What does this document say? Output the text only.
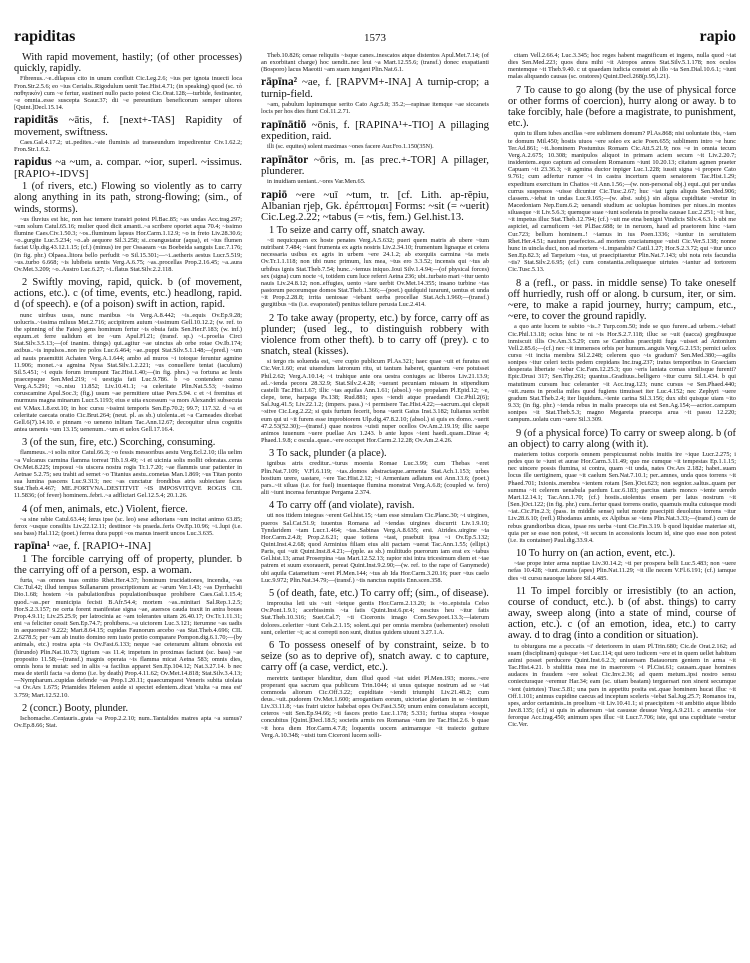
rapiditas	1573	rapio

With rapid movement, hastily; (of other processes) quickly, rapidly.

Fibrenus..~e..dilapsus cito in unum confluit Cic.Leg.2.6; ~ius per ignota inuecti loca Fron.Str.2.5.6; eo ~ius Cerialis..Rigodulum uenit Tac.Hist.4.71; (in speaking) quod (sc. τὸ παθητικόν) cum ~e fertur, sustineri nullo pacto potest Cic.Orat.128;—turbide, festinanter, ~e omnia..esse suscepta Scaur.37; dii ~e pereuntium beneficorum semper ultores [Quint.]Decl.15.14.

rapiditās ~ātis, f. [next+-TAS] Rapidity of movement, swiftness.

Caes.Gal.4.17.2; ut..pedites..~ate fluminis ad transeundum impedirentur Civ.1.62.2; Fron.Str.1.6.2.

rapidus ~a ~um, a. compar. ~ior, superl. ~issimus. [RAPIO+-IDVS]

1 (of rivers, etc.) Flowing so violently as to carry along anything in its path, strong-flowing; (sim., of winds, storms).

~us fluvius est hic, non hac temere transiri potest Pl.Bac.85; ~as undas Acc.trag.297; ~um solum Catul.65.16; mulier quod dicit amanti..~a scribere oportet aqua 70.4; ~issimo flumine Caes.Civ.1.50.3; ~os..fluminum lapsus Hor.Carm.1.12.9; ~o in freto Liv.28.30.6; ~o..gurgite Luc.5.234; ~o..ab aequore Sil.3.258; si..coangustatur (aqua), et ~ius flumen faciat Ulp.dig.43.12.1.15; (cf.) (minus) ire per Ossaeam ~us Boebeida sanguis Luc.7.176; (in fig. phr.) Olpaea..litora bello perfudit ~o Sil.15.301;—~i..aetheris aestus Lucr.5.519; ~us..turbo 6.668; ~is lubibeia uentis Verg.A.6.75; ~as..procellas Prop.2.16.45; ~a..aura Ov.Met.3.209; ~o..Austro Luc.6.27; ~i..flatus Stat.Silv.2.2.118.

2 Swiftly moving, rapid, quick. b (of movement, actions, etc.). c (of time, events, etc.) headlong, rapid. d (of speech). e (of a poison) swift in action, rapid.

nunc uiribus usus, nunc manibus ~is Verg.A.8.442; ~is..equis Ov.Ep.9.28; uolucris..~issima miluus Met.2.716; accipitrem auium ~issimum Gell.10.12.2; (w. ref. to the spinning of the Fates) gens hominum fertur ~is obuia fatis Sen.Her.F.183; (w. inf.) equum..et ferre ualidum et ire ~um Apul.Fl.21; (transf. sp.) ~i..proelia Circi Stat.Silv.3.5.13;—(of inanim. things) qui..agitur ~ae uinctus ab orbe rotae Ov.Ib.174; axibus..~is inpulsos..non ire polos Luc.6.464; ~ae..puppi Stat.Silv.5.1.148;—(pred.) ~um ad nauis praemittit Achaten Verg.A.1.644; ambo ad muros ~i totoque feruntur agmine 11.906; monet..~a agmina Nysa Stat.Silv.1.2.221; ~us conuellere tentat (iaculum) Sil.5.451; ~i equis forum irrumpunt Tac.Hist.1.40;—(in fig. phrs.) ~a fortuna ac leuis praecepsque Sen.Med.219; ~i uestigia fati Luc.9.786. b ~o contendere cursu Verg.A.5.291; ~o..nisu 11.852; Liv.10.41.1; ~a celeritate Plin.Nat.5.53; ~issimo coruscamine Apul.Soc.3; (fig.) usum ~ae permittere uitae Pers.5.94. c et ~i fremitus et murmura magna minarum Lucr.5.1193; eius e uita excessum ~a mors Alexandri subsecuta est V.Max.1.8.ext.10; in hoc cursu ~issimi temporis Sen.Ep.70.2; 99.7; 117.32. d ~a et celeritate caecata oratio Cic.Brut.264; (neut. pl. as sb.) uiolenta..et ~a Carneades dicebat Gell.6(7).14.10. e pinnam ~o ueneno inlitam Tac.Ann.12.67; decoquitur ulrus cognitis antea uenenis ~um 13.15; uenenum..~um et uelox Gell.17.16.4.

3 (of the sun, fire, etc.) Scorching, consuming.

flammeus..~i solis nitor Catul.66.3; ~o fessis messoribus aestu Verg.Ecl.2.10; illa uelim ~a Vulcanus carmina flamma torreat Tib.1.9.49; ~i et uicinia solis mollit odoratas..ceras Ov.Met.8.225; imposui ~is uiscera nostra rogis Tr.1.7.20; ~ae flammis urar patienter in Aetnae 5.2.75; seu trahit ad semet ~o Titanius aestu..cometas Man.1.869; ~us Titan ponto sua lumina pascens Luc.9.313; nec ~as cunctatur frondibus atris subiectare faces Stat.Theb.4.467; ME..FORTVNA..DESTITVIT ~IS IMPOSVITQVE ROGIS CIL 11.5836; (of fever) hominem..febri..~a adflictari Gel.12.5.4; 20.1.26.

4 (of men, animals, etc.) Violent, fierce.

~a sine rabie Catul.63.44; ferus ipse (sc. leo) sese adhortans ~um incitat animo 63.85; ferox ~usque consiliis Liv.22.12.11; destitnor ~is praeda..feris Ov.Ep.10.96; ~i..lupi (i.e. sea bass) Hal.112; (poet.) ferrea dura puppi ~os manus inserit uncos Luc.3.635.

rapīna¹ ~ae, f. [RAPIO+-INA]

1 The forcible carrying off of property, plunder. b the carrying off of a person, esp. a woman.

furta, ~as omnes tuas omitto Rhet.Her.4.37; hominum trucidationes, incendia, ~as Cic.Tul.42; illud tempus Sullanarum proscriptionum ac ~arum Ver.1.43; ~as Dyrrhachii Dio.1.68; hostem ~is pabulationibus populationibusque prohibere Caes.Gal.1.15.4; quod..~as..per municipia fecisti B.Afr.54.4; mortem ~as..minitari Sal.Rep.1.2.5; Hor.S.2.3.157; ne certa forent manifestae signa ~ae, auersos cauda traxit in antra boues Prop.4.9.11; Liv.25.25.9; per latrocinia ac ~am tolerantes uitam 26.40.17; Ov.Tr.1.11.31; eni ~a feliciter cessit Sen.Ep.74.7; prohibens..~a uictorem Luc.3.121; iterumne ~as uadis in aequoreus? 9.222; Mart.8.64.15; cupidas Faunorum arcebo ~as Stat.Theb.4.696; CIL 2.6278.5; per ~am ab inuito domino rem iusto pretio comparare Pompon.dig.6.1.70;—(by animals, etc.) rostra apta ~is Ov.Fast.6.133; neque ~ae ceterarum alitum obnoxia est (hirundo) Plin.Nat.10.73; tigrium ~as 11.4; impetum in proximas faciunt (sc. bass) ~ae proposito 11.58;—(transf.) magnis operata ~is flamma micat Aetna 583; omnis dies, omnis hora te mutat: sed in aliis ~a facilius apparet Sen.Ep.104.12; Nat.3.27.14. b nec mea de sterili facta ~a domo (i.e. by death) Prop.4.11.62; Ov.Met.14.818; Stat.Silv.3.4.13;—Nympharum..cupidas defende ~as Prop.1.20.11; quaecumquest Veneris subita uiolata ~a Ov.Ars 1.675; Priamides Helenen auide si spectet edentem..dicat 'stulta ~a mea est' 3.759; Mart.12.52.10.

2 (concr.) Booty, plunder.

Ischomache..Centauris..grata ~a Prop.2.2.10; num..Tantalides matres apta ~a sumus? Ov.Ep.8.66; Stat.

Theb.10.826; cenae reliquiis ~isque canes..inescatos atque distentos Apul.Met.7.14; (of an exorbitant charge) hoc uendit..nec leui ~a Mart.12.55.6; (transf.) donec exspatianti (Bosporo) lacus Maeotii ~am suam iungant Plin.Nat.6.1.

rāpīna² ~ae, f. [RAPVM+-INA] A turnip-crop; a turnip-field.

~am, pabulum lupinumque serito Cato Agr.5.8; 35.2;—rapinae itemque ~ae siccaneis locis per hos dies fiunt Col.11.2.71.

rapīnātiō ~ōnis, f. [RAPINA¹+-TIO] A pillaging expedition, raid.

illi (sc. equites) solent maximas ~ones facere Aur.Fro.1.150(35N).

rapīnātor ~ōris, m. [as prec.+-TOR] A pillager, plunderer.

in inuidiam ueniant..~ores Var.Men.65.

rapiō ~ere ~uī ~tum, tr. [cf. Lith. ap-rẽpiu, Albanian rjeþ, Gk. ἐρέπτομαι] Forms: ~sit (= ~uerit) Cic.Leg.2.22; ~tabus (= ~tis, fem.) Gel.hist.13.

1 To seize and carry off, snatch away.

~ti nequicquam ex hoste penates Verg.A.5.632; pueri quem matris ab ubere ~tum nutribant 7.484; ~iant frumenta ex agris nostris Liv.2.34.10; frumentum lignaque et cetera necessaria usibus ex agris in urbem ~ere 24.1.2; ab exequiis carmina ~ta meis Ov.Tr.1.1.118; non tibi nunc primum, lux mea, ~tus ero 3.3.52; incensis qui ~tus ab urbibus ignis Stat.Theb.7.54; hunc..~iemus iniquo..Ioui Silv.1.4.94;—(of physical forces) sex (signa) cum nocte ~i, totidem cum luce referri Aetna 236; ubi..turbato mari ~itur uento nauis Liv.24.8.12; non..effugies, uento ~iare uerbit Ov.Met.14.355; insano turbine ~tas pastorum pecorumque domos Stat.Theb.1.366;—(poet.) quidquid iurarunt, uentus et unda ~it Prop.2.28.8; irrita uentosae ~iebant uerba procellae Stat.Ach.1.960;—(transf.) gurgitibus ~tis (i.e. evaporated) penitus tellure perusta Luc.2.414.

2 To take away (property, etc.) by force, carry off as plunder; (used leg., to distinguish robbery with violence from other theft). b to carry off (prey). c to snatch, steal (kisses).

si tergo ris soluenda est, ~ere cupio publicum Pl.As.321; haec quae ~uit et furatus est Cic.Ver.1.60; erat uiuendum latronum ritu, ut tantum haberet, quantum ~ere potuisset Phil.2.62; Verg.A.10.14; ~i trahique ante ora uestra coniuges ac liberos Liv.21.13.9; ad..~ienda pecora 28.32.9; Stat.Silv.2.4.28; ~uerant pecuniam missam in stipendium castelli Tac.Hist.1.67; illic ~tas aquilas Ann.1.61; (absol.) ~io propalam Pl.Epid.12; ~e, clepe, tene, harpaga Ps.138; Rud.881; spes ~iendi atque praedandi Cic.Phil.2(6); Sal.Jug.41.5; Liv.22.1.2; (impers. pass.) ~i permisere Tac.Hist.4.22;—sacrum..qui clepsit ~sitve Cic.Leg.2.22; si quis furtum fecerit, bona ~uerit Gaius Inst.3.182; Iulianus scribit eum qui ui ~it furem esse improbiorem Ulp.dig.47.8.2.10; (absol.) si quis ex domo..~uerit 47.2.53(52.30);—(transf.) quae nostros ~uisti nuper ocellos Ov.Am.2.19.19; illic saepe animos iuuenum ~uere puellae Ars 1.243. b ante lupos ~ient haedi..quam..Dirae 4; Phaed.1.9.8; c oscula..quae..~ere occupet Hor.Carm.2.12.28; Ov.Am.2.4.26.

3 To sack, plunder (a place).

ignibus atris creditur..~turus moenia Romae Luc.3.99; cum Thebas ~eret Plin.Nat.7.109; V.Fl.6.119; ~tas..domos abstractaque..armenta Stat.Ach.1.153; urbes hostium urere, uastare, ~ere Tac.Hist.2.12; ~i Armeniam adlatum est Ann.13.6; (poet.) pars..~it siluas (i.e. for fuel) inuentaque flumina monstrat Verg.A.6.8; (coupled w. fero) alii ~iunt incensa feruntque Pergama 2.374.

4 To carry off (and violate), ravish.

uti nos itidem integras ~erent Gel.hist.15; ~tam esse simulam Cic.Planc.30; ~i uirgines, pueros Sal.Cat.51.9; iuuentus Romana ad ~iendas uirgines discurrit Liv.1.9.10; Tyndaridem ~tam Lucr.1.464; ~tas..Sabinas Verg.A.8.635; ersi. Atrides..uirgine ~ta Hor.Carm.2.4.8; Prop.2.6.21; quae totiens ~tast, praebuit ipsa ~i Ov.Ep.5.132; Quint.Inst.4.2.68; quod Arminius filiam eius alii pactam ~uerat Tac.Ann.1.55; (ellipt.) Paris, qui ~uit Quint.Inst.8.4.21;—(pple. as sb.) multitudo puerorum iam erat ex ~tabus Gel.hist.13; amat Proserpina ~tas Mart.12.52.13; raptor nisi intra tricesimum diem et ~tae patrem et suum exorauerit, pereat Quint.Inst.9.2.90;—(w. ref. to the rape of Ganymede) ubi aquila Catameitum ~eret Pl.Men.144; ~tus ab Ida Hor.Carm.3.20.16; puer ~tus caelo Luc.9.972; Plin.Nat.34.79;—(transf.) ~tis nanctus nuptiis Enn.scen.358.

5 (of death, fate, etc.) To carry off; (sim., of disease).

improuisa leti uis ~uit ~ietque gentis Hor.Carm.2.13.20; is ~to..epistula Celso Ov.Pont.1.9.1; acerbissimis ~ta fatis Quint.Inst.6.pr.4; nescius heu ~itur fatis Stat.Theb.10.316; Suet.Cal.7; ~ti Ciceronis imago Corn.Sev.poet.13.3;—laterum dolores..celeriter ~iunt Cels.2.1.15; solent..qui per omnia membra (uehementer) resoluti sunt, celeriter ~i; ac si correpti non sunt, diutius quidem uiuunt 3.27.1.A.

6 To possess oneself of by constraint, seize. b to seize (so as to deprive of), snatch away. c to capture, carry off (a case, verdict, etc.).

meretrix tantisper blanditur, dum illud quod ~iat uidet Pl.Men.193; mores..~ere properant qua sacrum qua publicum Trin.1044; si unus quisque nostrum ad se ~iat commoda aliorum Cic.Off.3.22; cupiditate ~iendi triumphi Liv.21.48.2; cum deus..~uit..pudorem Ov.Met.1.600; arrogantiam eorum, uictoriae gloriam in se ~ientium Liv.33.11.8; ~tas fratri uictor habebat opes Ov.Fast.3.50; unum enim consulatum accepit, ceteros ~uit Sen.Ep.94.66; ~ti fasces pretio Luc.1.178; 5.331; furtiua stupra ~tosque concubitus [Quint.]Decl.18.5; societis armis res Romanas ~tum ire Tac.Hist.2.6. b quae ~it hora diem Hor.Carm.4.7.8; loquentis uocem animamque ~it traiecto gutture Verg.A.10.348; ~uisti tum Ciceroni lucem solli-

citam Vell.2.66.4; Luc.3.345; hoc reges habent magnificum et ingens, nulla quod ~iat dies Sen.Med.223; quos dura mihi ~it Atropos annos Stat.Silv.5.1.178; nox oculos mentemque ~it Theb.9.40. c ut quaedam iudicia constet ab illo ~ta Sen.Dial.10.6.1; ~iunt malas aliquando causas (sc. oratores) Quint.Decl.268(p.95,l.21).

7 To cause to go along (by the use of physical force or other forms of coercion), hurry along or away. b to take forcibly, hale (before a magistrate, to punishment, etc.).

quin tu illum iubes ancillas ~ere sublimem domum? Pl.As.868; nisi uoluntate ibis, ~iam te domum Mil.450; hostis uiuos ~ere soleo ex acie Poen.655; sublimem intro ~e hunc Ter.Ad.861; ~it..hominem Postumius Romam Cic.Att.5.21.9; nos ~e in omnia tecum Verg.A.2.675; 10.308; manipulos aliquot in primam aciem secum ~it Liv.2.20.7; insidentem..equo captum ad consulem Romanum ~iunt 10.20.13; citatum agmen praeter Capuam ~it 23.36.3; ~it agmina ductor inpiger Luc.1.228; iussit signa ~i propere Cato 9.761; cum adfertur rumor ~i in castra incertum quem senatorem Tac.Hist.1.29; expeditum exercitum in Chattos ~it Ann.1.56;—(w. non-personal obj.) equi..qui per undas currus suspensos ~uisse dicuntur Cic.Tusc.2.67; huc ~iat ignis aliquis Sen.Med.906; classem..~iebat in undas Luc.9.165;—(w. abst. subj.) sin aliqua cupiditate ~eretur in Macedoniam Nep.Eum.6.2; uenandi studium ac uoluptas homines per niues..in montes siluasque ~it Liv.5.6.3; quemque suae ~iunt scelerata in proelia causae Luc.2.251; ~it huc, ~it impetus illuc Stat.Theb.12.794; (cf.) ~uit me etna benigni Vindicis Silv.4.6.3. b ubi me aspiciet, ad carnuficem ~iet Pl.Bac.688; te in neruom, haud ad praetorem hinc ~iam Cur.723; bellum hominem..! ~iamus in ius Poen.1336; ~iuntur in seruitutem Rhet.Her.4.51; nauium praefectos..ad mortem cruciatumque ~uisti Cic.Ver.5.138; nonne hunc in uincla duci, non ad mortem ~i..imparabis? Catil.1.27; Hor.S.2.3.72; qui ~itur uncο Sen.Ep.82.3; ad Tarpeium ~tus, ut praecipitaretur Plin.Nat.7.143; ubi nota reis facundia ~tis? Stat.Silv.2.6.95; (cf.) cum constantia..reliquaeque uirtutes ~iantur ad tortorem Cic.Tusc.5.13.

8 a (refl., or pass. in middle sense) To take oneself off hurriedly, rush off or along. b cursum, iter, or sim. ~ere, to make a rapid journey, hurry; campum, etc., ~ere, to cover the ground rapidly.

a quo ante lucem te subito ~is..? Turp.com.50; inde se quo furere..ad urbem..~iebat! Cic.Phil.13.18; ocius hinc te ni ~is Hor.S.2.7.118; illuc se ~uit (uacca) gregibusque inmiscuit illis Ov.Am.3.5.29; cum se Canidius praecipiti fuga ~uisset ad Antonium Vell.2.85.6;—(cf.) nec ~it immensos orbis per humum..anguis Verg.G.2.153; pernici uelox cursu ~it incita membra Sil.2.248; celerem quo ~is gradum? Sen.Med.380;—agilis sonipes ~itur celeri tectis pedem crepidans Inc.trag.237; iratus temporibus in Graeciam desperata libertate ~iebar Cic.Fam.12.25.3; quo ~eris laniata comas similisque furenti? Epic.Drusi 317; Sen.Thy.261; quantus..Gradiuus..belligero ~itur curru Sil.1.434. b qui matutinum cursum huc celeranter ~it Acc.trag.123; nunc cursus ~e Sen.Phaed.440; ~uit..ruens in proelia miles quod fugiens timuisset iter Luc.4.152; nec Zephyri ~uere gradum Stat.Theb.2.4; iter liquidum..~iente carina Sil.3.156; dux sibi quisque uiam ~ito 9.33; (in fig. phr.) ~ienda rebus in malis praeceps uia est Sen.Ag.154;—acrior..campum sonipes ~it Stat.Theb.5.3; magno Megareia praecepa arua ~it passu 12.220; campum..uolatu cum ~uere Sil.3.309.

9 (of a physical force) To carry or sweep along. b (of an object) to carry along (with it).

materiem totius corporis omnem perspicuumst nobis inuitis ire ~ique Lucr.2.275; i pedes quo te ~iunt et aurae Hor.Carm.3.11.49; quo me cumque ~it tempestas Ep.1.1.15; nec uincere possis flumina, si contra, quam ~it unda, nates Ov.Ars 2.182; habet..suam locus ille uertiginem, quae ~it caelum Sen.Nat.7.10.1; per..amnes, unda quos torrens ~it Phaed.701; Ixionis..membra ~ientem rotam [Sen.]Oct.623; non segnior..saltus..quam per summa ~it celerem uenabula pardum Luc.6.183; parcius utaris monco ~iente ueredo Mart.12.14.1; Tac.Ann.1.70; (cf.) hostis..uiolentus ensem per latus nostrum ~it [Sen.]Oct.122; (in fig. phr.) cum..fertur quasi torrens oratio, quamuis multa cuiusque modi ~iat..Cic.Fin.2.3; (pass. in middle sense) uelut monte praecipiti deuolutus torrens ~itur Liv.28.6.10; (refl.) Rhodanus amnis, ex Alpibus se ~iens Plin.Nat.3.33;—(transf.) cum de rebus grandioribus dicas, ipsae res uerba ~iunt Cic.Fin.3.19. b quod liquidae materiae sit, quia per se esse non potest, ~it secum in accessionis locum id, sine quo esse non potest (i.e. its container) Paul.dig.33.9.4.

10 To hurry on (an action, event, etc.).

~tae prope inter arma nuptiae Liv.30.14.2; ~ti per prospera belli Luc.5.483; non ~uere nefas 10.428; ~iunt..munia (apes) Plin.Nat.11.29; ~it ille necem V.Fl.6.191; (cf.) iamque dies ~ti cursu nauoque labore Sil.4.485.

11 To impel forcibly or irresistibly (to an action, course of conduct, etc.). b (of abst. things) to carry away, sweep along (into a state of mind, course of action, etc.). c (of an emotion, idea, etc.) to carry away. d to drag (into a condition or situation).

tu obiurguns me a peccatis ~i' deteriorem in uiam Pl.Trin.680; Cic.de Orat.2.162; ad suam (disciplinam) quisque ~iet Luc.114; qui uero iudicem ~ere et in quem uellet habitum animi posset perducere Quint.Inst.6.2.3; uniuersam Batauorum gentem in arma ~it Tac.Hist.4.21. b stultitia mea me in maerorem ~i Pl.Cist.61; causam..quae homines audaces in fraudem ~ere soleat Cic.Inv.2.36; ad quem metum..ipsi nostro sensu coniecturaque ~eremur Har.34; eam (sc. uitam beatam) terguersari non sinent secumque ~ient (uirtutes) Tusc.5.81; una pars in appetitu posita est..quae hominem hucat illuc ~it Off.1.101; animus cupidine caecus ad inceptum sceleris ~iebat Sal.Jug.25.7; Romanos ira, spes, ardor certaminis..in proelium ~it Liv.10.41.1; si praecipitem ~it ambitio atque libido Juv.8.135; (cf.) si quis in aduersum ~iat casusue deusue Verg.A.9.211. c amentia ~ior ferorque Acc.trag.450; animum spes illuc ~it Lucr.7.706; iste, qui una cupiditate ~eretur Cic.Ver.
